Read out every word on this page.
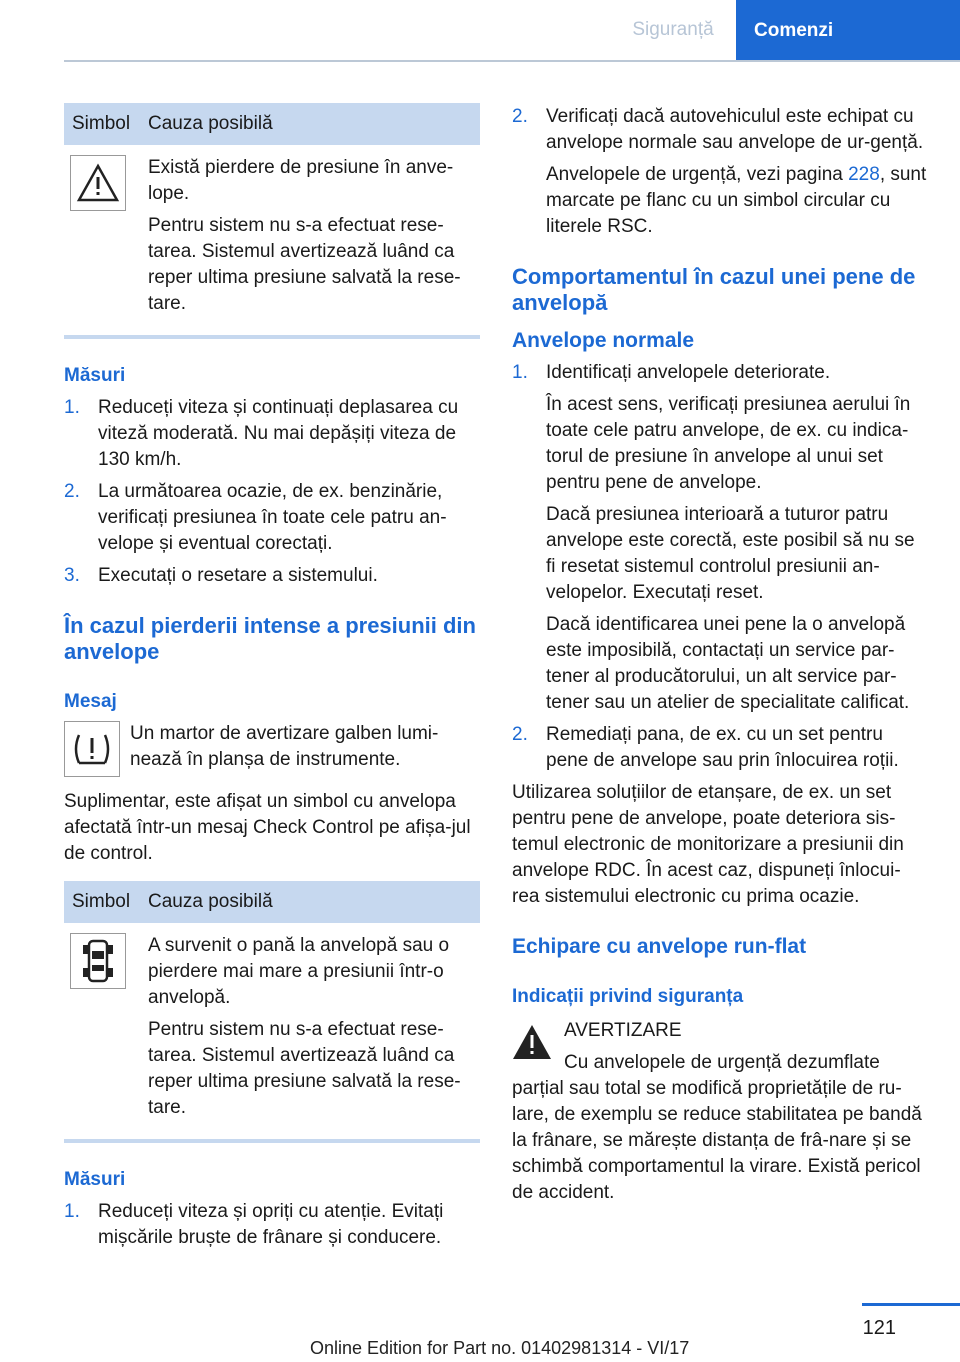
Siguranță	Comenzi
Simbol Cauza posibilă

Există pierdere de presiune în anve-lope.

Pentru sistem nu s-a efectuat rese-tarea. Sistemul avertizează luând ca reper ultima presiune salvată la rese-tare.

Măsuri
1. Reduceți viteza și continuați deplasarea cu viteză moderată. Nu mai depășiți viteza de 130 km/h.
2. La următoarea ocazie, de ex. benzinărie, verificați presiunea în toate cele patru an-velope și eventual corectați.
3. Executați o resetare a sistemului.
În cazul pierderii intense a presiunii din anvelope
Mesaj

Un martor de avertizare galben lumi-nează în planșa de instrumente.

Suplimentar, este afișat un simbol cu anvelopa afectată într-un mesaj Check Control pe afișa-jul de control.

Simbol Cauza posibilă

A survenit o pană la anvelopă sau o pierdere mai mare a presiunii într-o anvelopă.

Pentru sistem nu s-a efectuat rese-tarea. Sistemul avertizează luând ca reper ultima presiune salvată la rese-tare.

Măsuri
1. Reduceți viteza și opriți cu atenție. Evitați mișcările bruște de frânare și conducere.
2. Verificați dacă autovehiculul este echipat cu anvelope normale sau anvelope de ur-gență.
Anvelopele de urgență, vezi pagina 228, sunt marcate pe flanc cu un simbol circular cu literele RSC.
Comportamentul în cazul unei pene de anvelopă
Anvelope normale
1. Identificați anvelopele deteriorate.
În acest sens, verificați presiunea aerului în toate cele patru anvelope, de ex. cu indica-torul de presiune în anvelope al unui set pentru pene de anvelope.
Dacă presiunea interioară a tuturor patru anvelope este corectă, este posibil să nu se fi resetat sistemul controlul presiunii an-velopelor. Executați reset.
Dacă identificarea unei pene la o anvelopă este imposibilă, contactați un service par-tener al producătorului, un alt service par-tener sau un atelier de specialitate calificat.
2. Remediați pana, de ex. cu un set pentru pene de anvelope sau prin înlocuirea roții.

Utilizarea soluțiilor de etanșare, de ex. un set pentru pene de anvelope, poate deteriora sis-temul electronic de monitorizare a presiunii din anvelope RDC. În acest caz, dispuneți înlocui-rea sistemului electronic cu prima ocazie.

Echipare cu anvelope run-flat
Indicații privind siguranța

AVERTIZARE

Cu anvelopele de urgență dezumflate parțial sau total se modifică proprietățile de ru-lare, de exemplu se reduce stabilitatea pe bandă la frânare, se mărește distanța de frâ-nare și se schimbă comportamentul la virare. Există pericol de accident.

121
Online Edition for Part no. 01402981314 - VI/17
